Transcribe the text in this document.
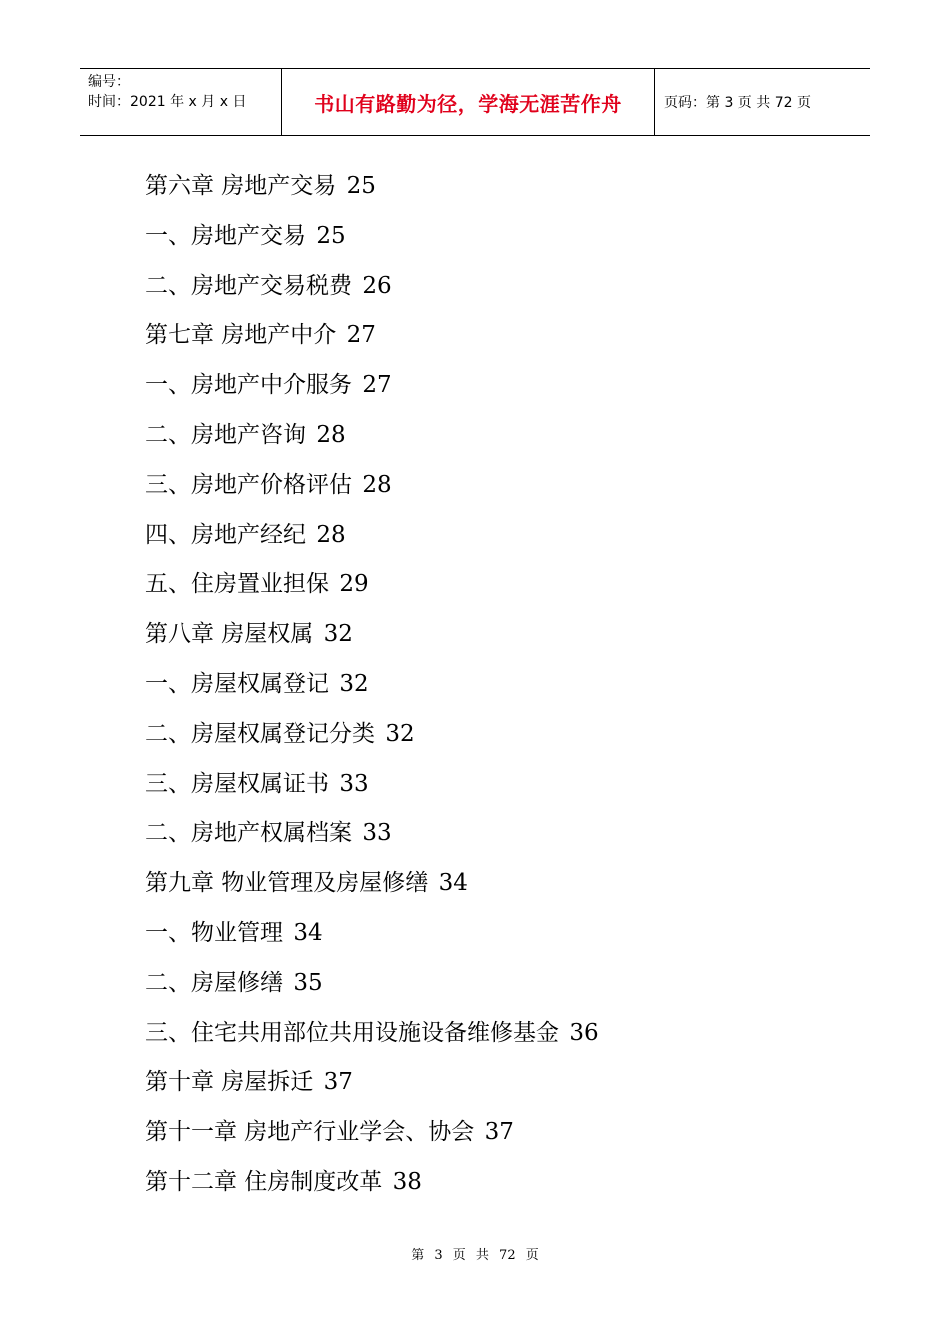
编号：
时间：2021 年 x 月 x 日	书山有路勤为径，学海无涯苦作舟	页码：第 3 页 共 72 页
第六章 房地产交易 25
一、房地产交易 25
二、房地产交易税费 26
第七章 房地产中介 27
一、房地产中介服务 27
二、房地产咨询 28
三、房地产价格评估 28
四、房地产经纪 28
五、住房置业担保 29
第八章 房屋权属 32
一、房屋权属登记 32
二、房屋权属登记分类 32
三、房屋权属证书 33
二、房地产权属档案 33
第九章 物业管理及房屋修缮 34
一、物业管理 34
二、房屋修缮 35
三、住宅共用部位共用设施设备维修基金 36
第十章 房屋拆迁 37
第十一章 房地产行业学会、协会 37
第十二章 住房制度改革 38
第 3 页 共 72 页
